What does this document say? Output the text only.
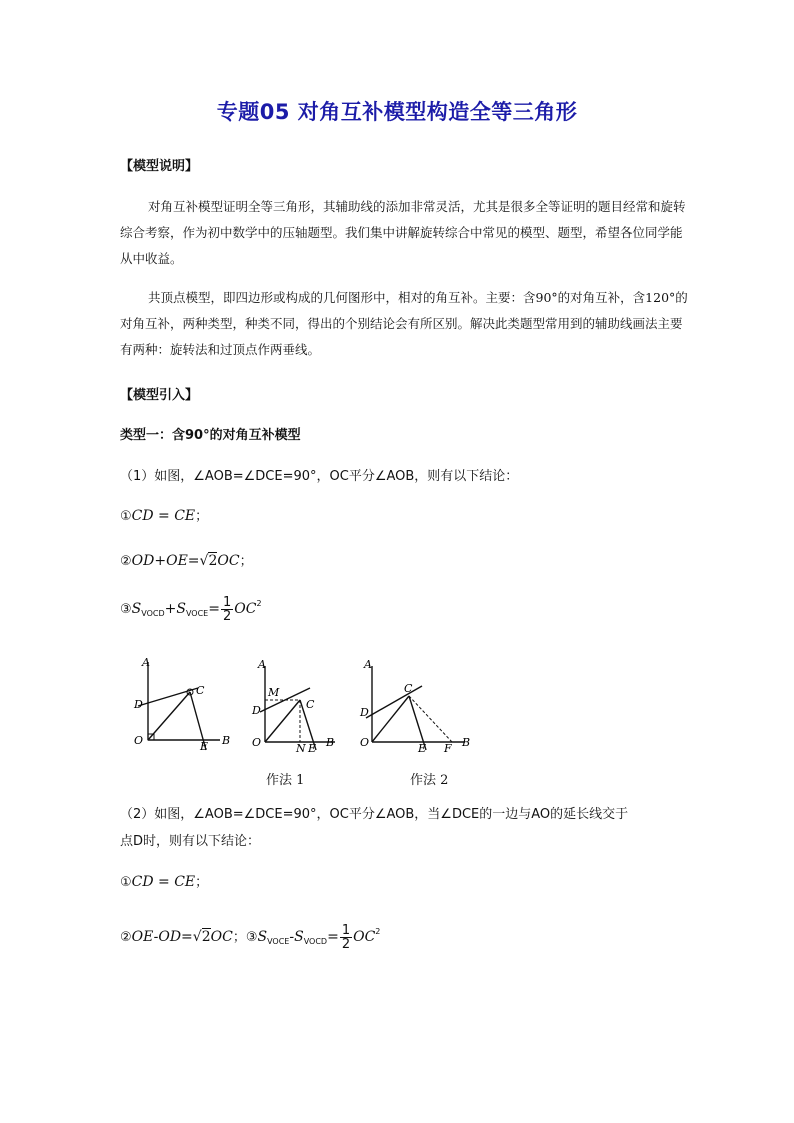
专题05 对角互补模型构造全等三角形
【模型说明】
对角互补模型证明全等三角形，其辅助线的添加非常灵活，尤其是很多全等证明的题目经常和旋转综合考察，作为初中数学中的压轴题型。我们集中讲解旋转综合中常见的模型、题型，希望各位同学能从中收益。
共顶点模型，即四边形或构成的几何图形中，相对的角互补。主要：含90°的对角互补，含120°的对角互补，两种类型，种类不同，得出的个别结论会有所区别。解决此类题型常用到的辅助线画法主要有两种：旋转法和过顶点作两垂线。
【模型引入】
类型一：含90°的对角互补模型
（1）如图，∠AOB=∠DCE=90°，OC平分∠AOB，则有以下结论：
①CD = CE；
②OD+OE=√2OC；
$③S_{VOCD}+S_{VOCE}= \frac{1}{2} OC^2$
A
D
C
O	E B
A
M
D	C
O	N E B
A
D
C
O	E F B
作法 1	作法 2
（2）如图，∠AOB=∠DCE=90°，OC平分∠AOB，当∠DCE的一边与AO的延长线交于
点D时，则有以下结论：
①CD = CE；
②OE-OD=√2OC；$③S_{VOCE}-S_{VOCD}= \frac{1}{2} OC^2$
